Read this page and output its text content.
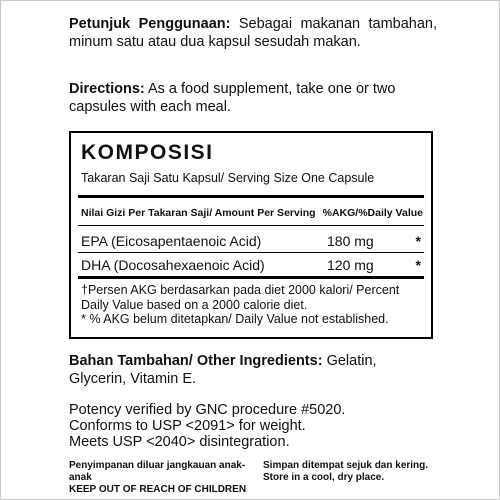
Petunjuk Penggunaan: Sebagai makanan tambahan, minum satu atau dua kapsul sesudah makan.
Directions: As a food supplement, take one or two capsules with each meal.
KOMPOSISI
Takaran Saji Satu Kapsul/ Serving Size One Capsule
Nilai Gizi Per Takaran Saji/ Amount Per Serving %AKG/%Daily Value
EPA (Eicosapentaenoic Acid)	180 mg	*
DHA (Docosahexaenoic Acid)	120 mg	*
†Persen AKG berdasarkan pada diet 2000 kalori/ Percent Daily Value based on a 2000 calorie diet.
* % AKG belum ditetapkan/ Daily Value not established.
Bahan Tambahan/ Other Ingredients: Gelatin, Glycerin, Vitamin E.
Potency verified by GNC procedure #5020.
Conforms to USP <2091> for weight.
Meets USP <2040> disintegration.
Penyimpanan diluar jangkauan anak-anak
KEEP OUT OF REACH OF CHILDREN
Simpan ditempat sejuk dan kering.
Store in a cool, dry place.
